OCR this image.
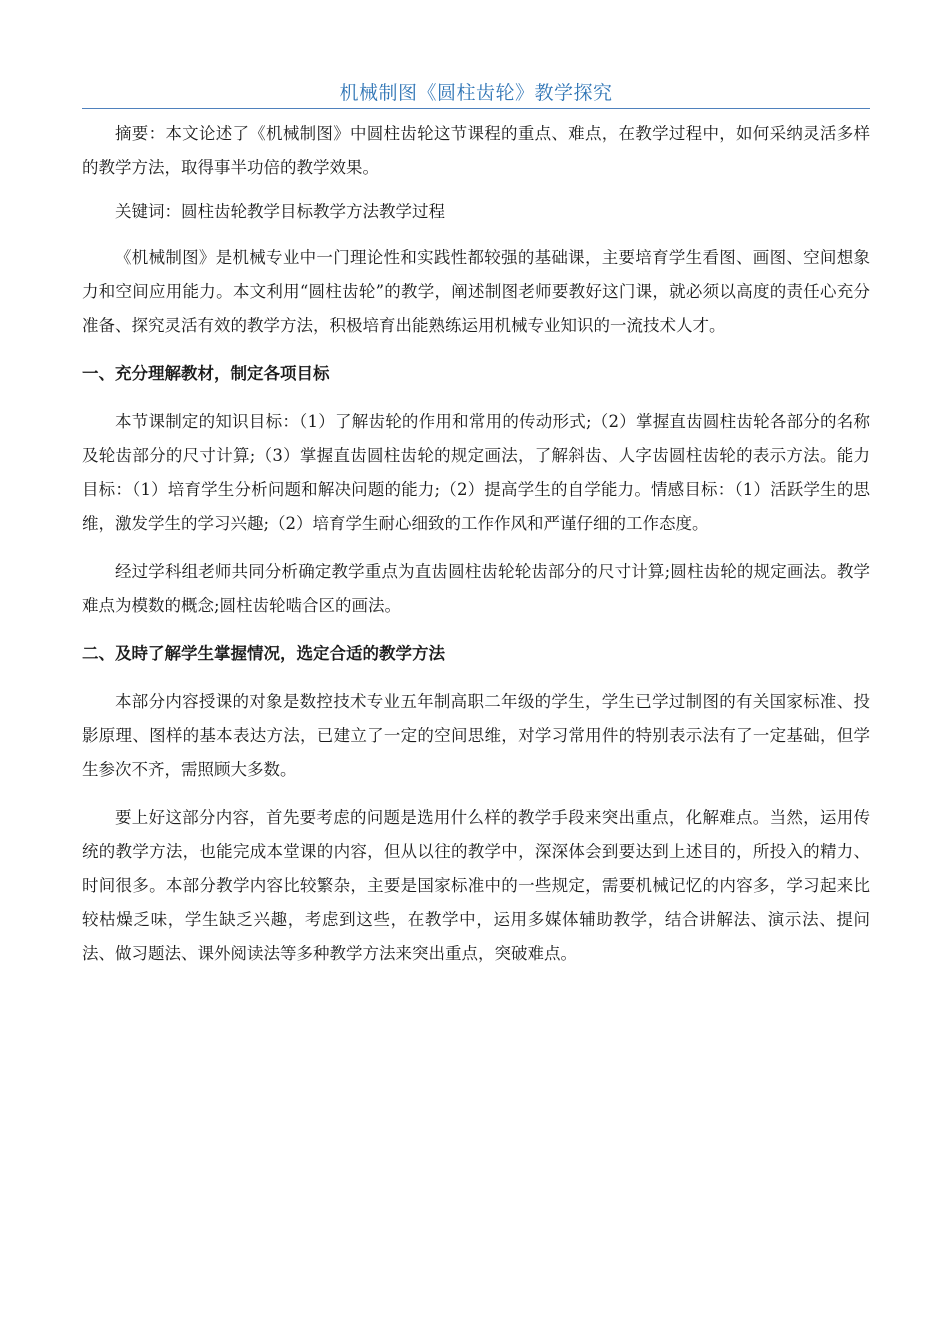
机械制图《圆柱齿轮》教学探究

摘要：本文论述了《机械制图》中圆柱齿轮这节课程的重点、难点，在教学过程中，如何采纳灵活多样的教学方法，取得事半功倍的教学效果。

关键词：圆柱齿轮教学目标教学方法教学过程

《机械制图》是机械专业中一门理论性和实践性都较强的基础课，主要培育学生看图、画图、空间想象力和空间应用能力。本文利用“圆柱齿轮”的教学，阐述制图老师要教好这门课，就必须以高度的责任心充分准备、探究灵活有效的教学方法，积极培育出能熟练运用机械专业知识的一流技术人才。

一、充分理解教材，制定各项目标

本节课制定的知识目标：（1）了解齿轮的作用和常用的传动形式;（2）掌握直齿圆柱齿轮各部分的名称及轮齿部分的尺寸计算;（3）掌握直齿圆柱齿轮的规定画法，了解斜齿、人字齿圆柱齿轮的表示方法。能力目标：（1）培育学生分析问题和解决问题的能力;（2）提高学生的自学能力。情感目标：（1）活跃学生的思维，激发学生的学习兴趣;（2）培育学生耐心细致的工作作风和严谨仔细的工作态度。

经过学科组老师共同分析确定教学重点为直齿圆柱齿轮轮齿部分的尺寸计算;圆柱齿轮的规定画法。教学难点为模数的概念;圆柱齿轮啮合区的画法。

二、及時了解学生掌握情况，选定合适的教学方法

本部分内容授课的对象是数控技术专业五年制高职二年级的学生，学生已学过制图的有关国家标准、投影原理、图样的基本表达方法，已建立了一定的空间思维，对学习常用件的特别表示法有了一定基础，但学生参次不齐，需照顾大多数。

要上好这部分内容，首先要考虑的问题是选用什么样的教学手段来突出重点，化解难点。当然，运用传统的教学方法，也能完成本堂课的内容，但从以往的教学中，深深体会到要达到上述目的，所投入的精力、时间很多。本部分教学内容比较繁杂，主要是国家标准中的一些规定，需要机械记忆的内容多，学习起来比较枯燥乏味，学生缺乏兴趣，考虑到这些，在教学中，运用多媒体辅助教学，结合讲解法、演示法、提问法、做习题法、课外阅读法等多种教学方法来突出重点，突破难点。
